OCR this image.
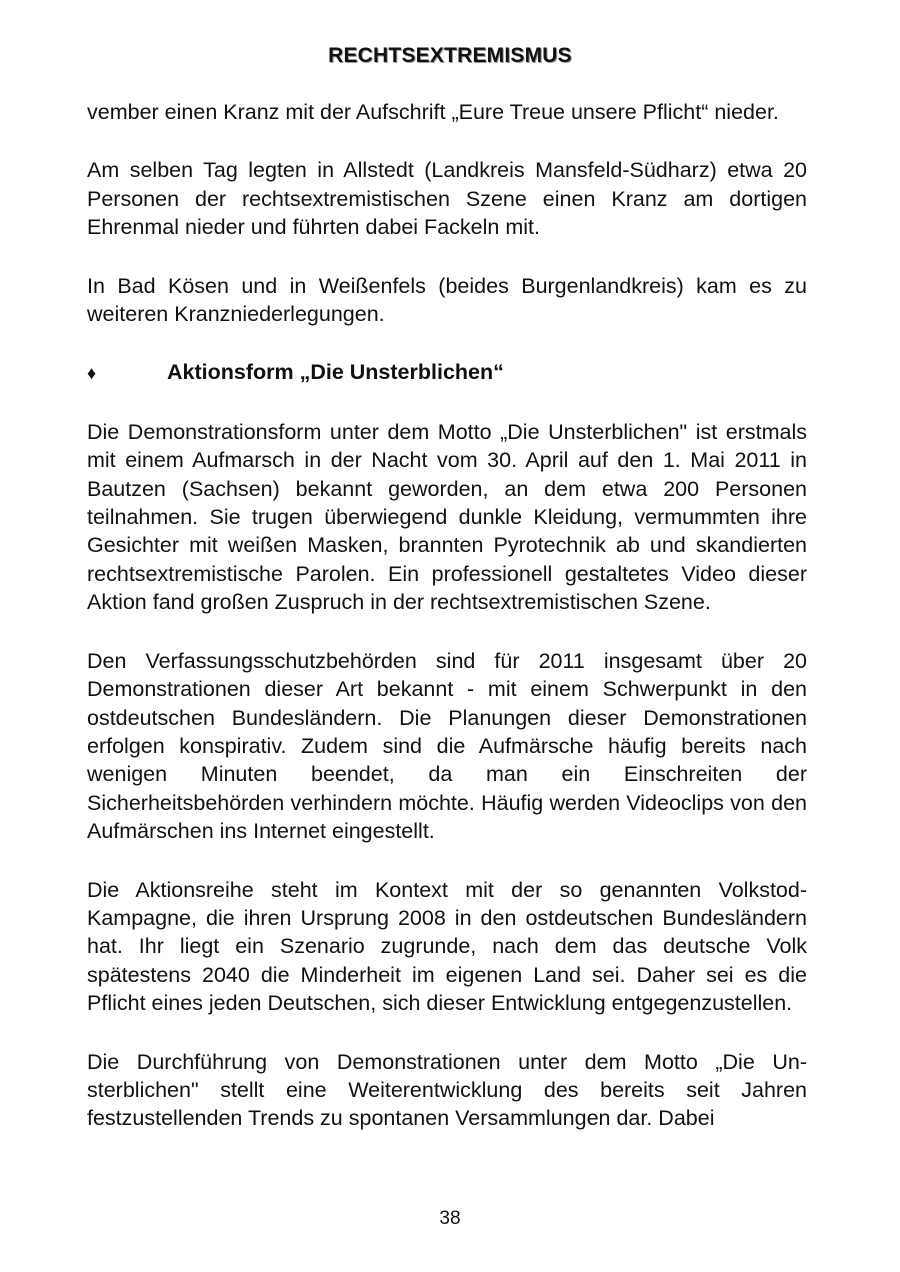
RECHTSEXTREMISMUS

vember einen Kranz mit der Aufschrift „Eure Treue unsere Pflicht“ nieder.

Am selben Tag legten in Allstedt (Landkreis Mansfeld-Südharz) etwa 20 Personen der rechtsextremistischen Szene einen Kranz am dortigen Ehrenmal nieder und führten dabei Fackeln mit.

In Bad Kösen und in Weißenfels (beides Burgenlandkreis) kam es zu weiteren Kranzniederlegungen.

♦	Aktionsform „Die Unsterblichen“

Die Demonstrationsform unter dem Motto „Die Unsterblichen" ist erstmals mit einem Aufmarsch in der Nacht vom 30. April auf den 1. Mai 2011 in Bautzen (Sachsen) bekannt geworden, an dem etwa 200 Personen teilnahmen. Sie trugen überwiegend dunkle Kleidung, vermummten ihre Gesichter mit weißen Masken, brannten Pyrotechnik ab und skandierten rechtsextremistische Parolen. Ein professionell gestaltetes Video dieser Aktion fand großen Zuspruch in der rechtsextremistischen Szene.

Den Verfassungsschutzbehörden sind für 2011 insgesamt über 20 Demonstrationen dieser Art bekannt - mit einem Schwerpunkt in den ostdeutschen Bundesländern. Die Planungen dieser Demonstrationen erfolgen konspirativ. Zudem sind die Aufmärsche häufig bereits nach wenigen Minuten beendet, da man ein Einschreiten der Sicherheitsbehörden verhindern möchte. Häufig werden Videoclips von den Aufmärschen ins Internet eingestellt.

Die Aktionsreihe steht im Kontext mit der so genannten Volkstod-Kampagne, die ihren Ursprung 2008 in den ostdeutschen Bundesländern hat. Ihr liegt ein Szenario zugrunde, nach dem das deutsche Volk spätestens 2040 die Minderheit im eigenen Land sei. Daher sei es die Pflicht eines jeden Deutschen, sich dieser Entwicklung entgegenzustellen.

Die Durchführung von Demonstrationen unter dem Motto „Die Unsterblichen" stellt eine Weiterentwicklung des bereits seit Jahren festzustellenden Trends zu spontanen Versammlungen dar. Dabei

38
